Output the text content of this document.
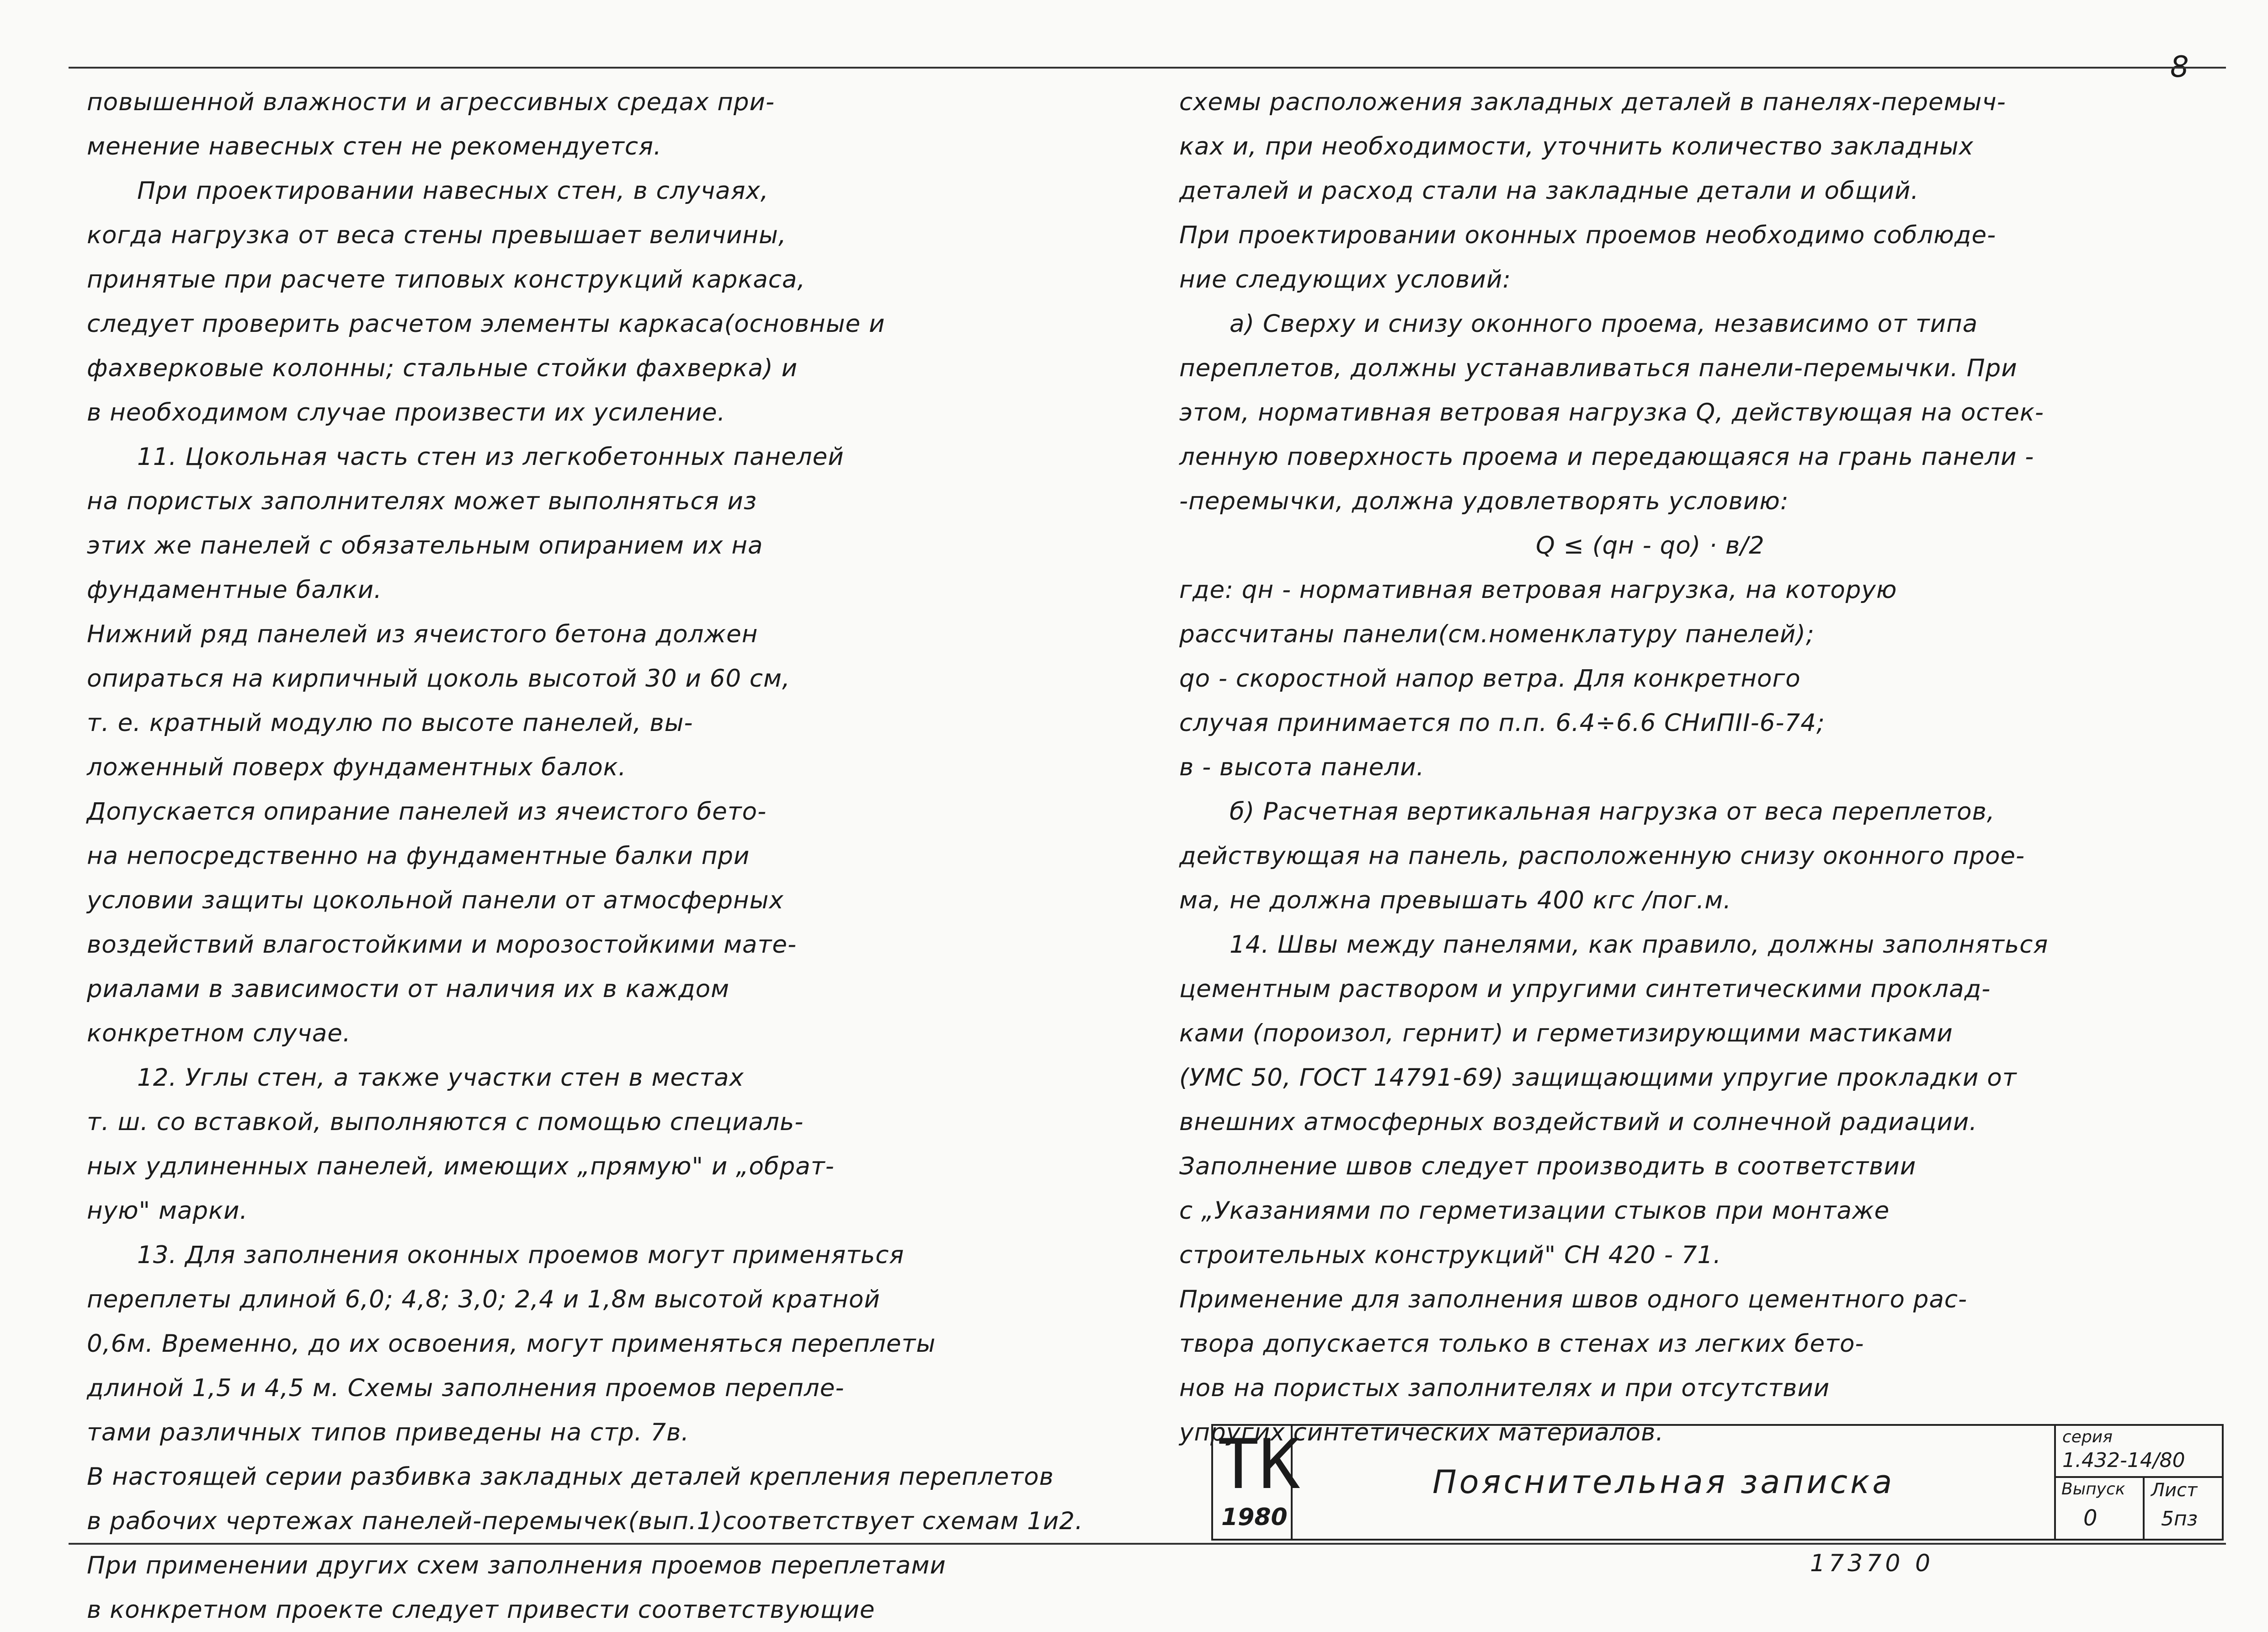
8
повышенной влажности и агрессивных средах при-
менение навесных стен не рекомендуется.
При проектировании навесных стен, в случаях,
когда нагрузка от веса стены превышает величины,
принятые при расчете типовых конструкций каркаса,
следует проверить расчетом элементы каркаса(основные и
фахверковые колонны; стальные стойки фахверка) и
в необходимом случае произвести их усиление.
11. Цокольная часть стен из легкобетонных панелей
на пористых заполнителях может выполняться из
этих же панелей с обязательным опиранием их на
фундаментные балки.
Нижний ряд панелей из ячеистого бетона должен
опираться на кирпичный цоколь высотой 30 и 60 см,
т. е. кратный модулю по высоте панелей, вы-
ложенный поверх фундаментных балок.
Допускается опирание панелей из ячеистого бето-
на непосредственно на фундаментные балки при
условии защиты цокольной панели от атмосферных
воздействий влагостойкими и морозостойкими мате-
риалами в зависимости от наличия их в каждом
конкретном случае.
12. Углы стен, а также участки стен в местах
т. ш. со вставкой, выполняются с помощью специаль-
ных удлиненных панелей, имеющих „прямую" и „обрат-
ную" марки.
13. Для заполнения оконных проемов могут применяться
переплеты длиной 6,0; 4,8; 3,0; 2,4 и 1,8м высотой кратной
0,6м. Временно, до их освоения, могут применяться переплеты
длиной 1,5 и 4,5 м. Схемы заполнения проемов перепле-
тами различных типов приведены на стр. 7в.
В настоящей серии разбивка закладных деталей крепления переплетов
в рабочих чертежах панелей-перемычек(вып.1)соответствует схемам 1и2.
При применении других схем заполнения проемов переплетами
в конкретном проекте следует привести соответствующие
схемы расположения закладных деталей в панелях-перемыч-
ках и, при необходимости, уточнить количество закладных
деталей и расход стали на закладные детали и общий.
При проектировании оконных проемов необходимо соблюде-
ние следующих условий:
а) Сверху и снизу оконного проема, независимо от типа
переплетов, должны устанавливаться панели-перемычки. При
этом, нормативная ветровая нагрузка Q, действующая на остек-
ленную поверхность проема и передающаяся на грань панели -
-перемычки, должна удовлетворять условию:
Q ≤ (qн - qо) · в/2
где: qн - нормативная ветровая нагрузка, на которую
рассчитаны панели(см.номенклатуру панелей);
qо - скоростной напор ветра. Для конкретного
случая принимается по п.п. 6.4÷6.6 СНиПII-6-74;
в - высота панели.
б) Расчетная вертикальная нагрузка от веса переплетов,
действующая на панель, расположенную снизу оконного прое-
ма, не должна превышать 400 кгс /пог.м.
14. Швы между панелями, как правило, должны заполняться
цементным раствором и упругими синтетическими проклад-
ками (пороизол, гернит) и герметизирующими мастиками
(УМС 50, ГОСТ 14791-69) защищающими упругие прокладки от
внешних атмосферных воздействий и солнечной радиации.
Заполнение швов следует производить в соответствии
с „Указаниями по герметизации стыков при монтаже
строительных конструкций" СН 420 - 71.
Применение для заполнения швов одного цементного рас-
твора допускается только в стенах из легких бето-
нов на пористых заполнителях и при отсутствии
упругих синтетических материалов.
ТК
1980
Пояснительная записка
серия
1.432-14/80
Выпуск
0
Лист
5пз
17370 0
